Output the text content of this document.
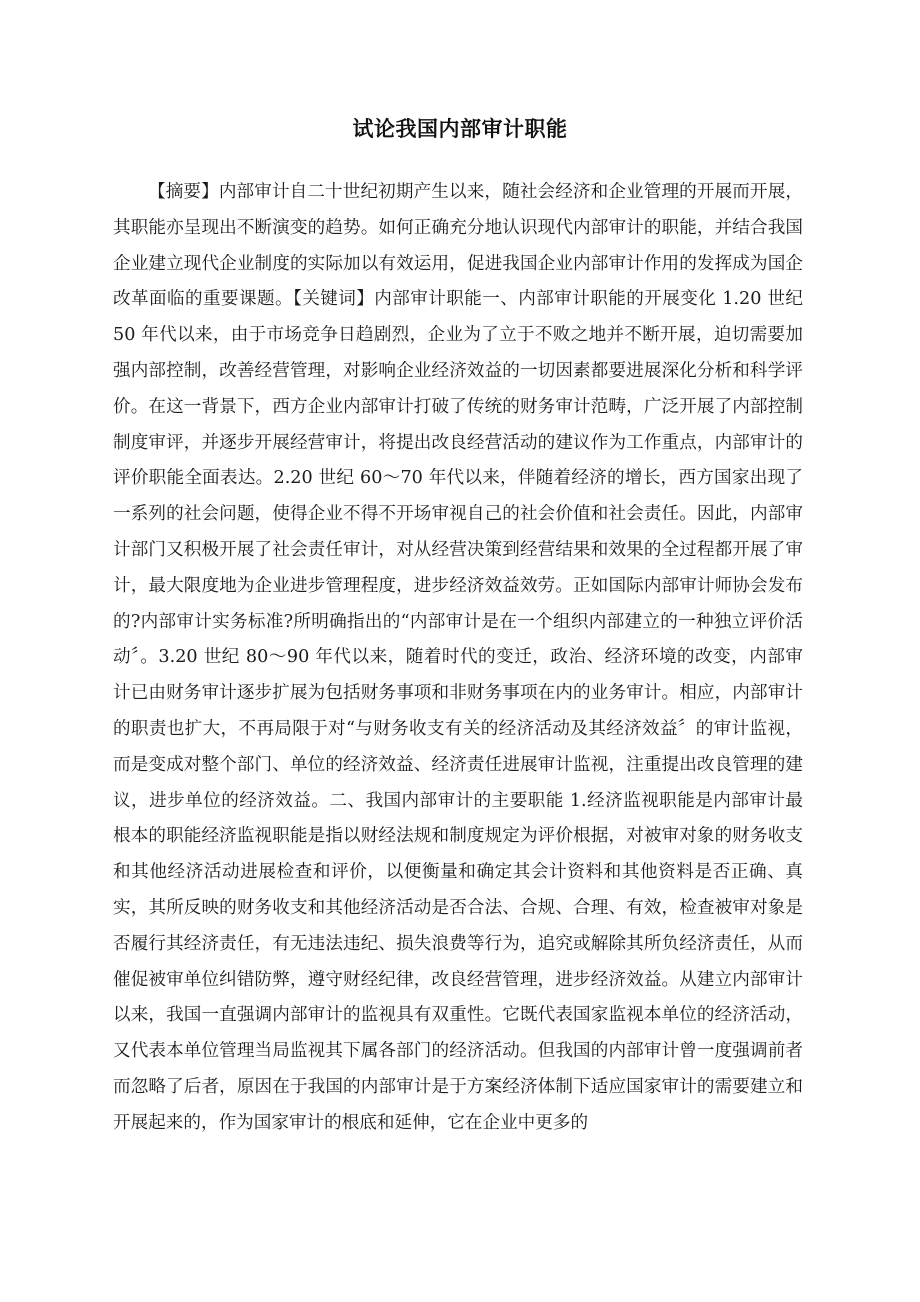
试论我国内部审计职能

【摘要】内部审计自二十世纪初期产生以来，随社会经济和企业管理的开展而开展，其职能亦呈现出不断演变的趋势。如何正确充分地认识现代内部审计的职能，并结合我国企业建立现代企业制度的实际加以有效运用，促进我国企业内部审计作用的发挥成为国企改革面临的重要课题。【关键词】内部审计职能一、内部审计职能的开展变化 1.20 世纪 50 年代以来，由于市场竞争日趋剧烈，企业为了立于不败之地并不断开展，迫切需要加强内部控制，改善经营管理，对影响企业经济效益的一切因素都要进展深化分析和科学评价。在这一背景下，西方企业内部审计打破了传统的财务审计范畴，广泛开展了内部控制制度审评，并逐步开展经营审计，将提出改良经营活动的建议作为工作重点，内部审计的评价职能全面表达。2.20 世纪 60～70 年代以来，伴随着经济的增长，西方国家出现了一系列的社会问题，使得企业不得不开场审视自己的社会价值和社会责任。因此，内部审计部门又积极开展了社会责任审计，对从经营决策到经营结果和效果的全过程都开展了审计，最大限度地为企业进步管理程度，进步经济效益效劳。正如国际内部审计师协会发布的?内部审计实务标准?所明确指出的“内部审计是在一个组织内部建立的一种独立评价活动〞。3.20 世纪 80～90 年代以来，随着时代的变迁，政治、经济环境的改变，内部审计已由财务审计逐步扩展为包括财务事项和非财务事项在内的业务审计。相应，内部审计的职责也扩大，不再局限于对“与财务收支有关的经济活动及其经济效益〞的审计监视，而是变成对整个部门、单位的经济效益、经济责任进展审计监视，注重提出改良管理的建议，进步单位的经济效益。二、我国内部审计的主要职能 1.经济监视职能是内部审计最根本的职能经济监视职能是指以财经法规和制度规定为评价根据，对被审对象的财务收支和其他经济活动进展检查和评价，以便衡量和确定其会计资料和其他资料是否正确、真实，其所反映的财务收支和其他经济活动是否合法、合规、合理、有效，检查被审对象是否履行其经济责任，有无违法违纪、损失浪费等行为，追究或解除其所负经济责任，从而催促被审单位纠错防弊，遵守财经纪律，改良经营管理，进步经济效益。从建立内部审计以来，我国一直强调内部审计的监视具有双重性。它既代表国家监视本单位的经济活动，又代表本单位管理当局监视其下属各部门的经济活动。但我国的内部审计曾一度强调前者而忽略了后者，原因在于我国的内部审计是于方案经济体制下适应国家审计的需要建立和开展起来的，作为国家审计的根底和延伸，它在企业中更多的
